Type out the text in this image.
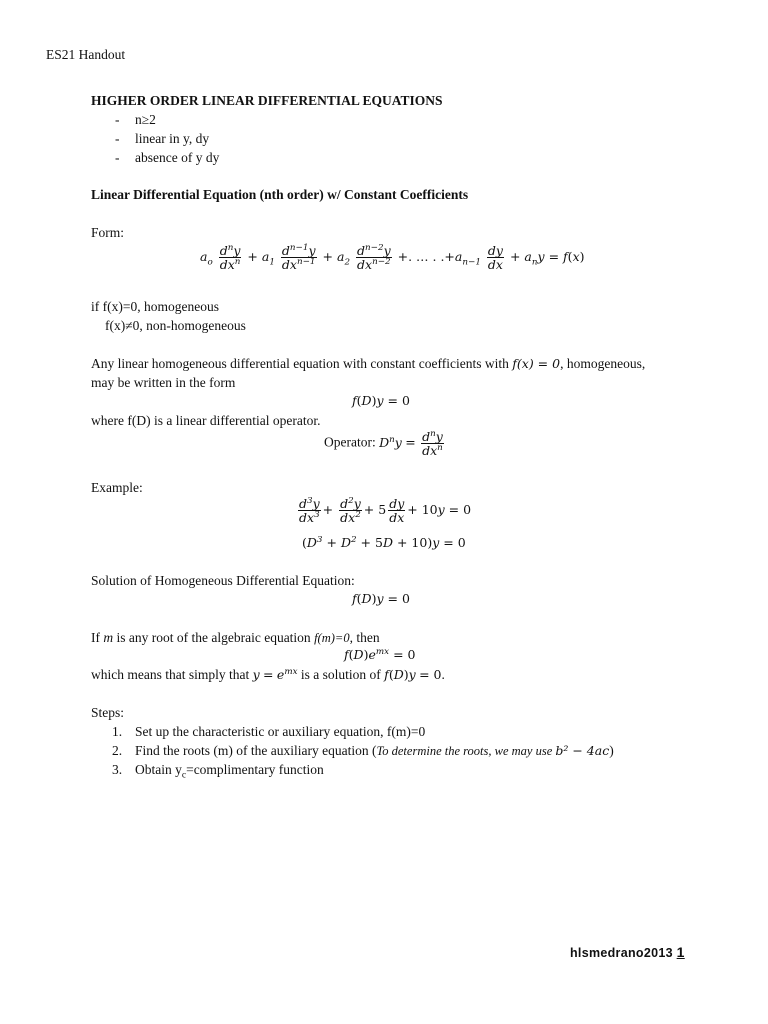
ES21 Handout
HIGHER ORDER LINEAR DIFFERENTIAL EQUATIONS
- n≥2
- linear in y, dy
- absence of y dy
Linear Differential Equation (nth order) w/ Constant Coefficients
Form:
$a_o \frac{d^ny}{dx^n} + a_1 \frac{d^{n-1}y}{dx^{n-1}} + a_2 \frac{d^{n-2}y}{dx^{n-2}}$ +. … . $.+a_{n-1} \frac{dy}{dx} + a_ny = f(x)$
if f(x)=0, homogeneous
f(x)≠0, non-homogeneous
Any linear homogeneous differential equation with constant coefficients with f(x) = 0, homogeneous,
may be written in the form
f(D)y = 0
where f(D) is a linear differential operator.
Operator: $D^ny = \frac{d^ny}{dx^n}$
Example:
$\frac{d^3y}{dx^3} + \frac{d^2y}{dx^2} + 5 \frac{dy}{dx} + 10y = 0$
$(D^3 + D^2 + 5D + 10)y = 0$
Solution of Homogeneous Differential Equation:
f(D)y = 0
If m is any root of the algebraic equation f(m)=0, then
$f(D)e^{mx} = 0$
which means that simply that $y = e^{mx}$ is a solution of f(D)y = 0.
Steps:
1. Set up the characteristic or auxiliary equation, f(m)=0
2. Find the roots (m) of the auxiliary equation (To determine the roots, we may use b² − 4ac)
3. Obtain $y_c=complimentary$ function
hlsmedrano2013 1
